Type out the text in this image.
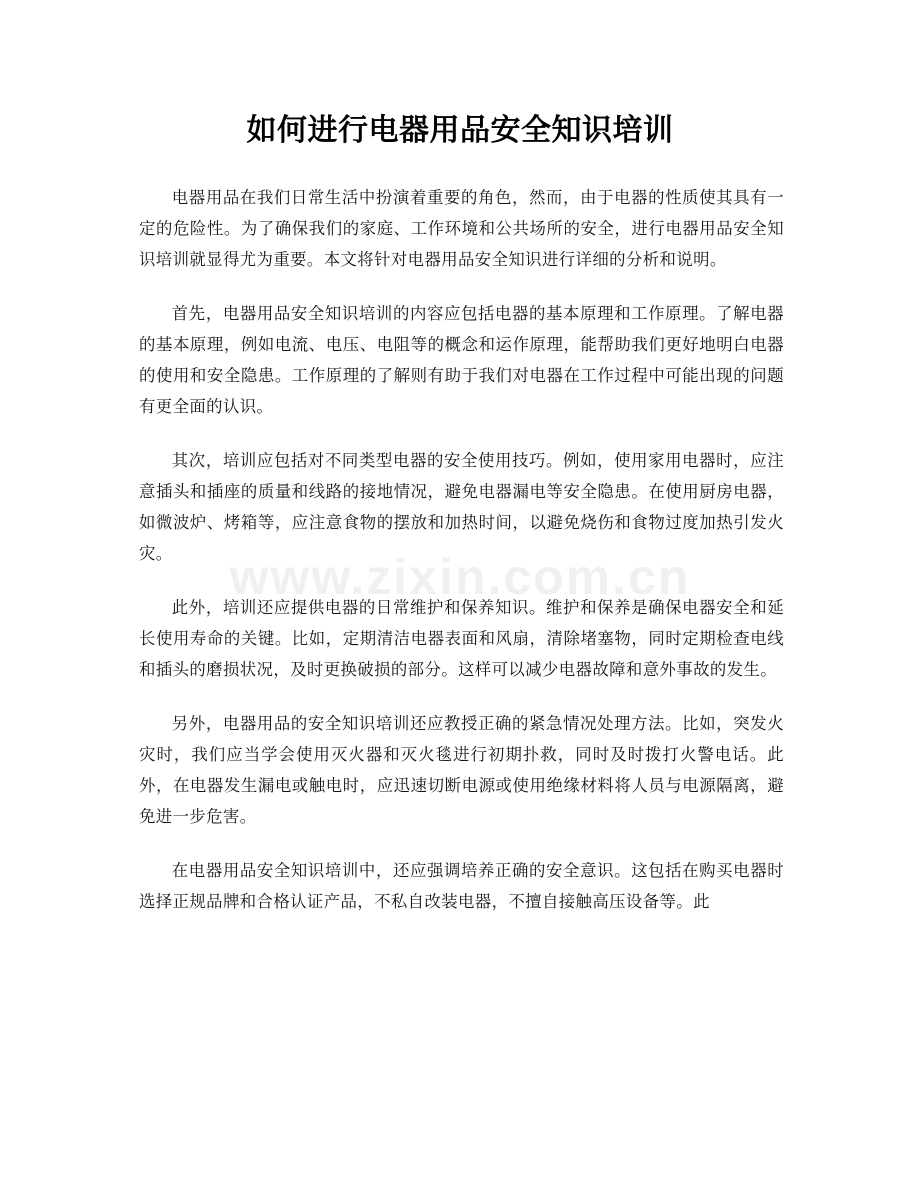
如何进行电器用品安全知识培训
www.zixin.com.cn

电器用品在我们日常生活中扮演着重要的角色，然而，由于电器的性质使其具有一定的危险性。为了确保我们的家庭、工作环境和公共场所的安全，进行电器用品安全知识培训就显得尤为重要。本文将针对电器用品安全知识进行详细的分析和说明。

首先，电器用品安全知识培训的内容应包括电器的基本原理和工作原理。了解电器的基本原理，例如电流、电压、电阻等的概念和运作原理，能帮助我们更好地明白电器的使用和安全隐患。工作原理的了解则有助于我们对电器在工作过程中可能出现的问题有更全面的认识。

其次，培训应包括对不同类型电器的安全使用技巧。例如，使用家用电器时，应注意插头和插座的质量和线路的接地情况，避免电器漏电等安全隐患。在使用厨房电器，如微波炉、烤箱等，应注意食物的摆放和加热时间，以避免烧伤和食物过度加热引发火灾。

此外，培训还应提供电器的日常维护和保养知识。维护和保养是确保电器安全和延长使用寿命的关键。比如，定期清洁电器表面和风扇，清除堵塞物，同时定期检查电线和插头的磨损状况，及时更换破损的部分。这样可以减少电器故障和意外事故的发生。

另外，电器用品的安全知识培训还应教授正确的紧急情况处理方法。比如，突发火灾时，我们应当学会使用灭火器和灭火毯进行初期扑救，同时及时拨打火警电话。此外，在电器发生漏电或触电时，应迅速切断电源或使用绝缘材料将人员与电源隔离，避免进一步危害。

在电器用品安全知识培训中，还应强调培养正确的安全意识。这包括在购买电器时选择正规品牌和合格认证产品，不私自改装电器，不擅自接触高压设备等。此
